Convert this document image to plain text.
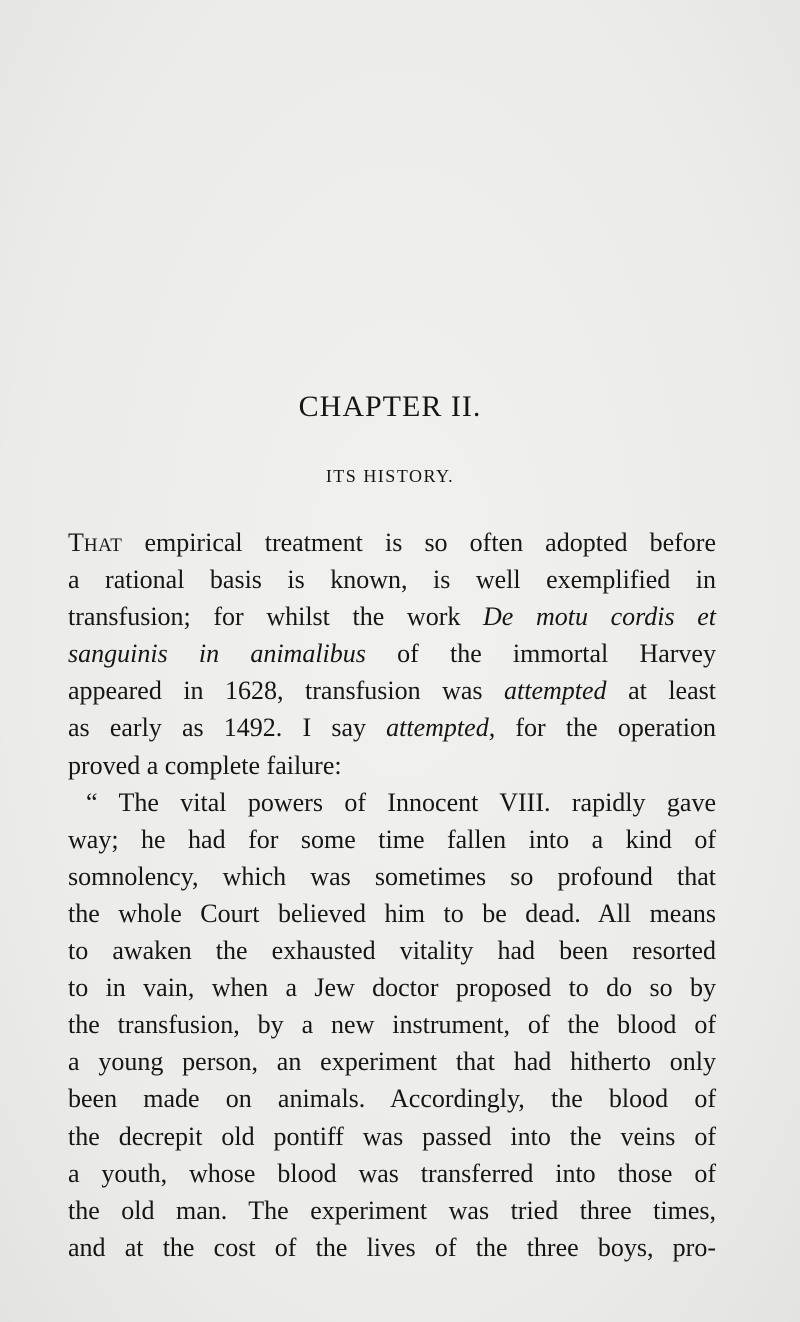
CHAPTER II.
ITS HISTORY.
THAT empirical treatment is so often adopted before
a rational basis is known, is well exemplified in
transfusion; for whilst the work De motu cordis et
sanguinis in animalibus of the immortal Harvey
appeared in 1628, transfusion was attempted at least
as early as 1492. I say attempted, for the operation
proved a complete failure:
“ The vital powers of Innocent VIII. rapidly gave
way; he had for some time fallen into a kind of
somnolency, which was sometimes so profound that
the whole Court believed him to be dead. All means
to awaken the exhausted vitality had been resorted
to in vain, when a Jew doctor proposed to do so by
the transfusion, by a new instrument, of the blood of
a young person, an experiment that had hitherto only
been made on animals. Accordingly, the blood of
the decrepit old pontiff was passed into the veins of
a youth, whose blood was transferred into those of
the old man. The experiment was tried three times,
and at the cost of the lives of the three boys, pro-
